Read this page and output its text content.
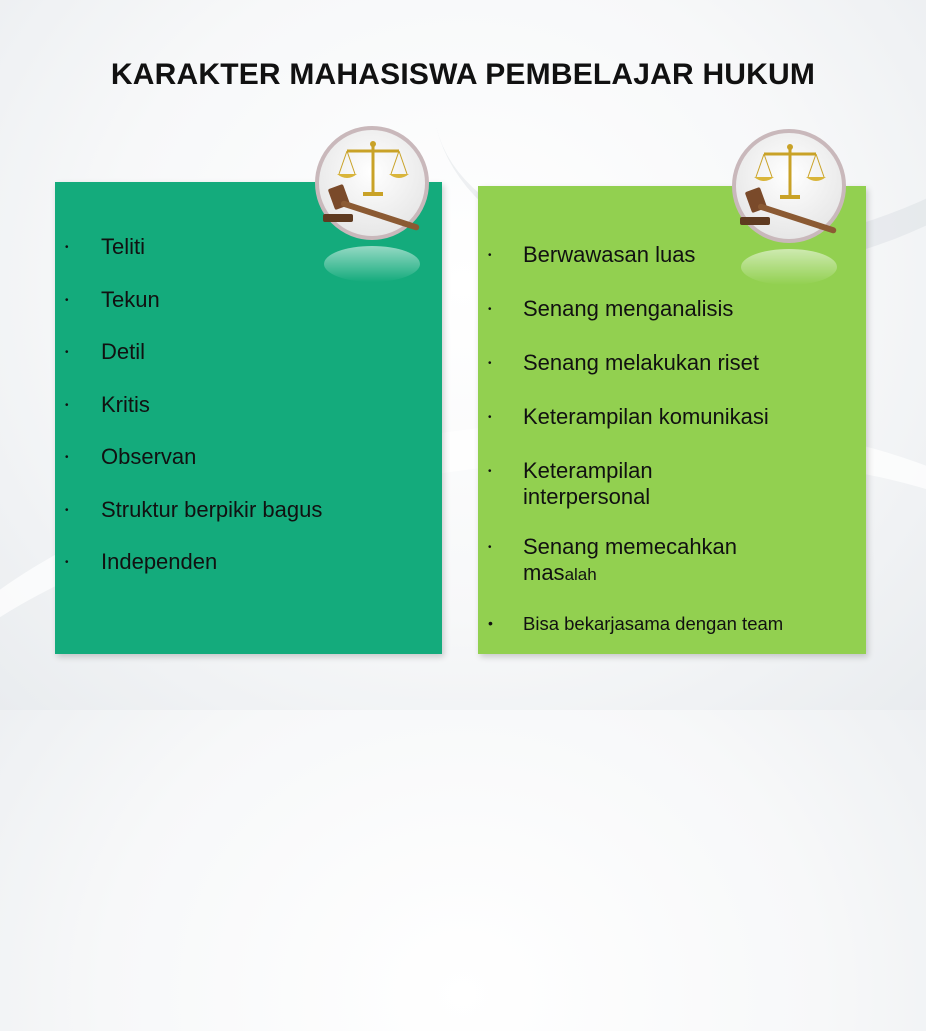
KARAKTER MAHASISWA PEMBELAJAR HUKUM
• Teliti
• Tekun
• Detil
• Kritis
• Observan
• Struktur berpikir bagus
• Independen
• Berwawasan luas
• Senang menganalisis
• Senang melakukan riset
• Keterampilan komunikasi
• Keterampilan interpersonal
• Senang memecahkan masalah
• Bisa bekarjasama dengan team
